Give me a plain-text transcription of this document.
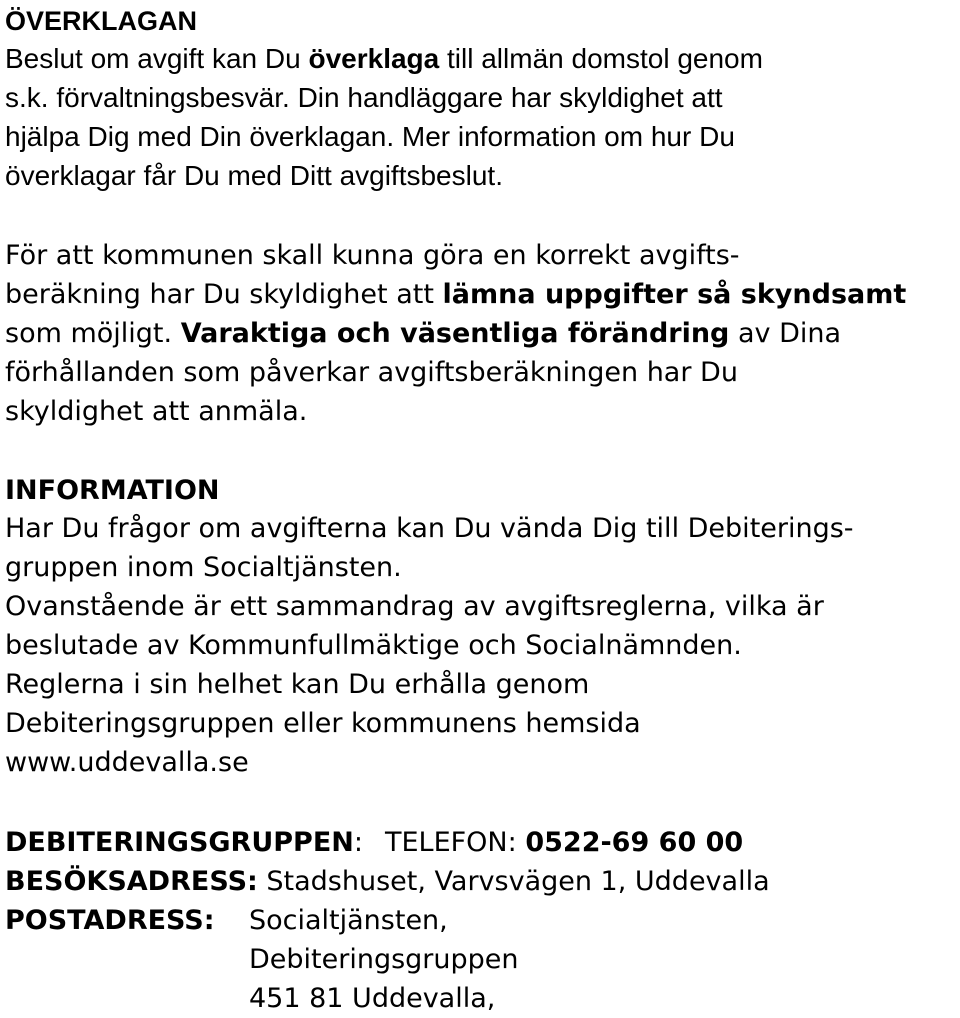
ÖVERKLAGAN
Beslut om avgift kan Du överklaga till allmän domstol genom
s.k. förvaltningsbesvär. Din handläggare har skyldighet att
hjälpa Dig med Din överklagan. Mer information om hur Du
överklagar får Du med Ditt avgiftsbeslut.
För att kommunen skall kunna göra en korrekt avgifts-
beräkning har Du skyldighet att lämna uppgifter så skyndsamt
som möjligt. Varaktiga och väsentliga förändring av Dina
förhållanden som påverkar avgiftsberäkningen har Du
skyldighet att anmäla.
INFORMATION
Har Du frågor om avgifterna kan Du vända Dig till Debiterings-
gruppen inom Socialtjänsten.
Ovanstående är ett sammandrag av avgiftsreglerna, vilka är
beslutade av Kommunfullmäktige och Socialnämnden.
Reglerna i sin helhet kan Du erhålla genom
Debiteringsgruppen eller kommunens hemsida
www.uddevalla.se
DEBITERINGSGRUPPEN: TELEFON: 0522-69 60 00
BESÖKSADRESS: Stadshuset, Varvsvägen 1, Uddevalla
POSTADRESS: Socialtjänsten,
Debiteringsgruppen
451 81 Uddevalla,
